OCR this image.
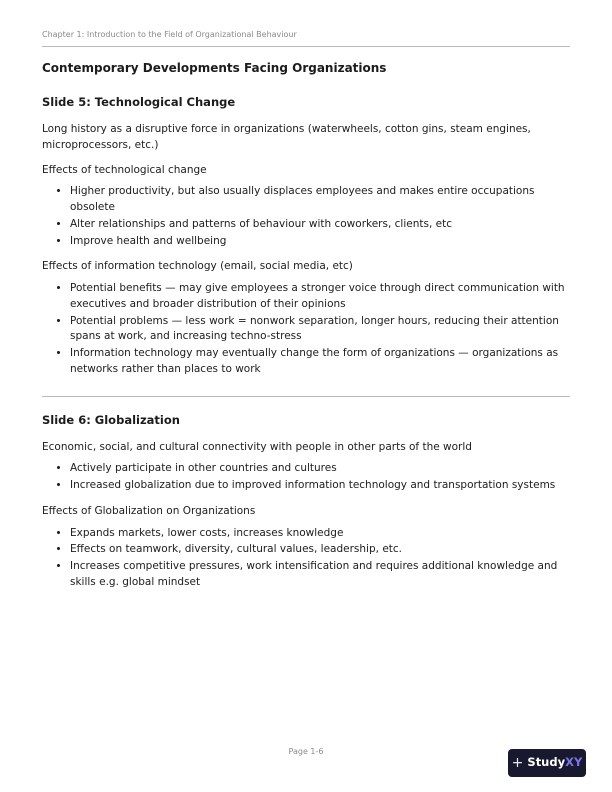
Chapter 1: Introduction to the Field of Organizational Behaviour
Contemporary Developments Facing Organizations
Slide 5: Technological Change

Long history as a disruptive force in organizations (waterwheels, cotton gins, steam engines, microprocessors, etc.)

Effects of technological change

• Higher productivity, but also usually displaces employees and makes entire occupations obsolete
• Alter relationships and patterns of behaviour with coworkers, clients, etc
• Improve health and wellbeing

Effects of information technology (email, social media, etc)

• Potential benefits — may give employees a stronger voice through direct communication with executives and broader distribution of their opinions
• Potential problems — less work = nonwork separation, longer hours, reducing their attention spans at work, and increasing techno-stress
• Information technology may eventually change the form of organizations — organizations as networks rather than places to work
Slide 6: Globalization

Economic, social, and cultural connectivity with people in other parts of the world

• Actively participate in other countries and cultures
• Increased globalization due to improved information technology and transportation systems

Effects of Globalization on Organizations

• Expands markets, lower costs, increases knowledge
• Effects on teamwork, diversity, cultural values, leadership, etc.
• Increases competitive pressures, work intensification and requires additional knowledge and skills e.g. global mindset
Page 1-6
+ StudyXY
